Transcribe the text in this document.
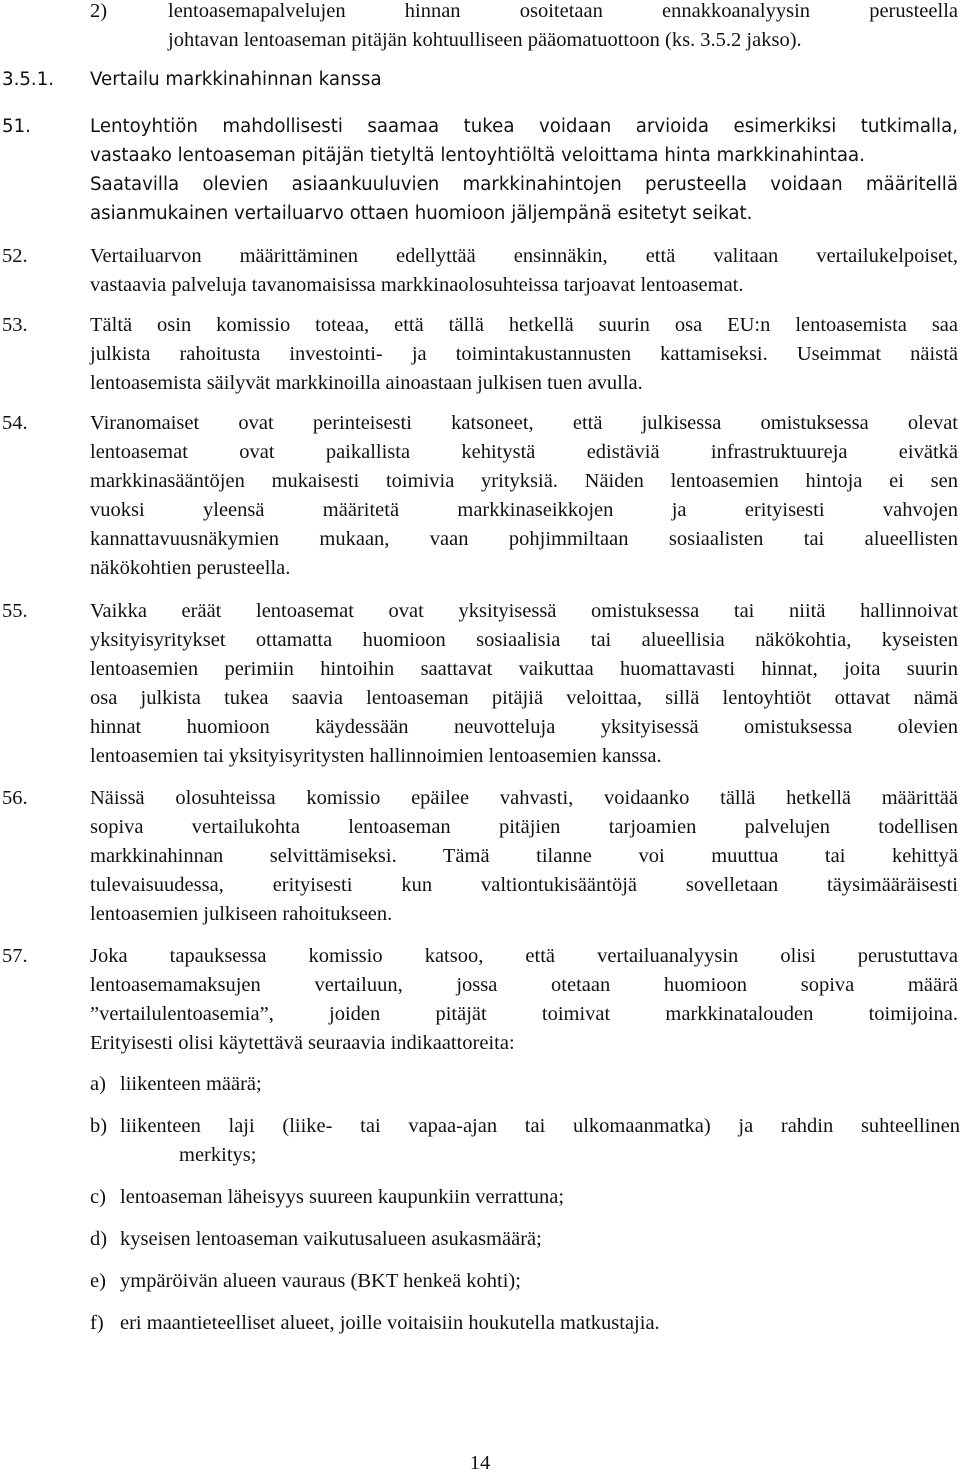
2)	lentoasemapalvelujen hinnan osoitetaan ennakkoanalyysin perusteella
johtavan lentoaseman pitäjän kohtuulliseen pääomatuottoon (ks. 3.5.2 jakso).
3.5.1. Vertailu markkinahinnan kanssa
51.	Lentoyhtiön mahdollisesti saamaa tukea voidaan arvioida esimerkiksi tutkimalla,
vastaako lentoaseman pitäjän tietyltä lentoyhtiöltä veloittama hinta markkinahintaa.
Saatavilla olevien asiaankuuluvien markkinahintojen perusteella voidaan määritellä
asianmukainen vertailuarvo ottaen huomioon jäljempänä esitetyt seikat.
52.	Vertailuarvon määrittäminen edellyttää ensinnäkin, että valitaan vertailukelpoiset,
vastaavia palveluja tavanomaisissa markkinaolosuhteissa tarjoavat lentoasemat.
53.	Tältä osin komissio toteaa, että tällä hetkellä suurin osa EU:n lentoasemista saa
julkista rahoitusta investointi- ja toimintakustannusten kattamiseksi. Useimmat näistä
lentoasemista säilyvät markkinoilla ainoastaan julkisen tuen avulla.
54.	Viranomaiset ovat perinteisesti katsoneet, että julkisessa omistuksessa olevat
lentoasemat ovat paikallista kehitystä edistäviä infrastruktuureja eivätkä
markkinasääntöjen mukaisesti toimivia yrityksiä. Näiden lentoasemien hintoja ei sen
vuoksi yleensä määritetä markkinaseikkojen ja erityisesti vahvojen
kannattavuusnäkymien mukaan, vaan pohjimmiltaan sosiaalisten tai alueellisten
näkökohtien perusteella.
55.	Vaikka eräät lentoasemat ovat yksityisessä omistuksessa tai niitä hallinnoivat
yksityisyritykset ottamatta huomioon sosiaalisia tai alueellisia näkökohtia, kyseisten
lentoasemien perimiin hintoihin saattavat vaikuttaa huomattavasti hinnat, joita suurin
osa julkista tukea saavia lentoaseman pitäjiä veloittaa, sillä lentoyhtiöt ottavat nämä
hinnat huomioon käydessään neuvotteluja yksityisessä omistuksessa olevien
lentoasemien tai yksityisyritysten hallinnoimien lentoasemien kanssa.
56.	Näissä olosuhteissa komissio epäilee vahvasti, voidaanko tällä hetkellä määrittää
sopiva vertailukohta lentoaseman pitäjien tarjoamien palvelujen todellisen
markkinahinnan selvittämiseksi. Tämä tilanne voi muuttua tai kehittyä
tulevaisuudessa, erityisesti kun valtiontukisääntöjä sovelletaan täysimääräisesti
lentoasemien julkiseen rahoitukseen.
57.	Joka tapauksessa komissio katsoo, että vertailuanalyysin olisi perustuttava
lentoasemamaksujen vertailuun, jossa otetaan huomioon sopiva määrä
”vertailulentoasemia”, joiden pitäjät toimivat markkinatalouden toimijoina.
Erityisesti olisi käytettävä seuraavia indikaattoreita:
a) liikenteen määrä;
b) liikenteen laji (liike- tai vapaa-ajan tai ulkomaanmatka) ja rahdin suhteellinen
merkitys;
c) lentoaseman läheisyys suureen kaupunkiin verrattuna;
d) kyseisen lentoaseman vaikutusalueen asukasmäärä;
e) ympäröivän alueen vauraus (BKT henkeä kohti);
f) eri maantieteelliset alueet, joille voitaisiin houkutella matkustajia.
14
